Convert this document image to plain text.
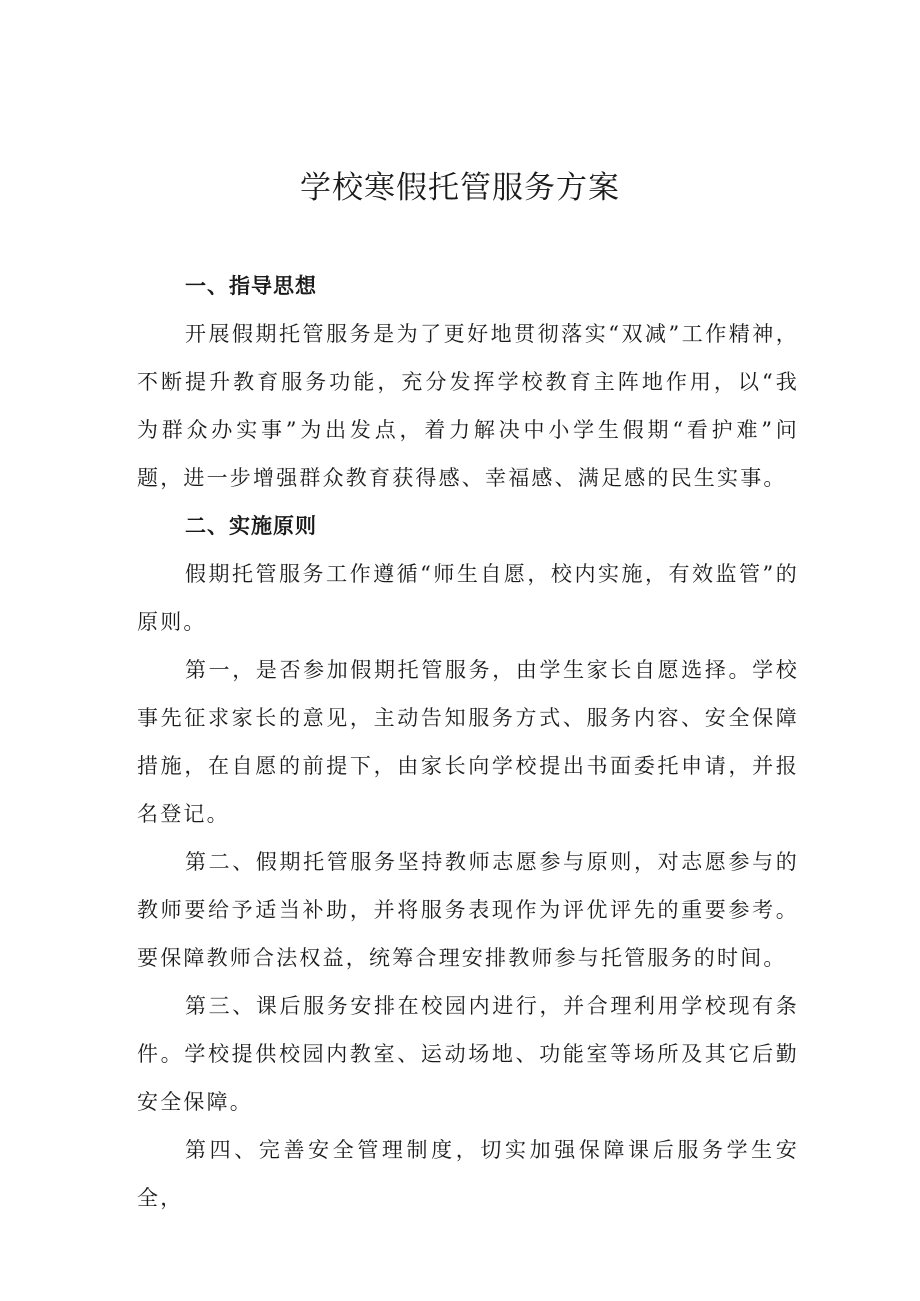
学校寒假托管服务方案
一、指导思想

开展假期托管服务是为了更好地贯彻落实“双减”工作精神，不断提升教育服务功能，充分发挥学校教育主阵地作用，以“我为群众办实事”为出发点，着力解决中小学生假期“看护难”问题，进一步增强群众教育获得感、幸福感、满足感的民生实事。

二、实施原则

假期托管服务工作遵循“师生自愿，校内实施，有效监管”的原则。

第一，是否参加假期托管服务，由学生家长自愿选择。学校事先征求家长的意见，主动告知服务方式、服务内容、安全保障措施，在自愿的前提下，由家长向学校提出书面委托申请，并报名登记。

第二、假期托管服务坚持教师志愿参与原则，对志愿参与的教师要给予适当补助，并将服务表现作为评优评先的重要参考。要保障教师合法权益，统筹合理安排教师参与托管服务的时间。

第三、课后服务安排在校园内进行，并合理利用学校现有条件。学校提供校园内教室、运动场地、功能室等场所及其它后勤安全保障。

第四、完善安全管理制度，切实加强保障课后服务学生安全，
